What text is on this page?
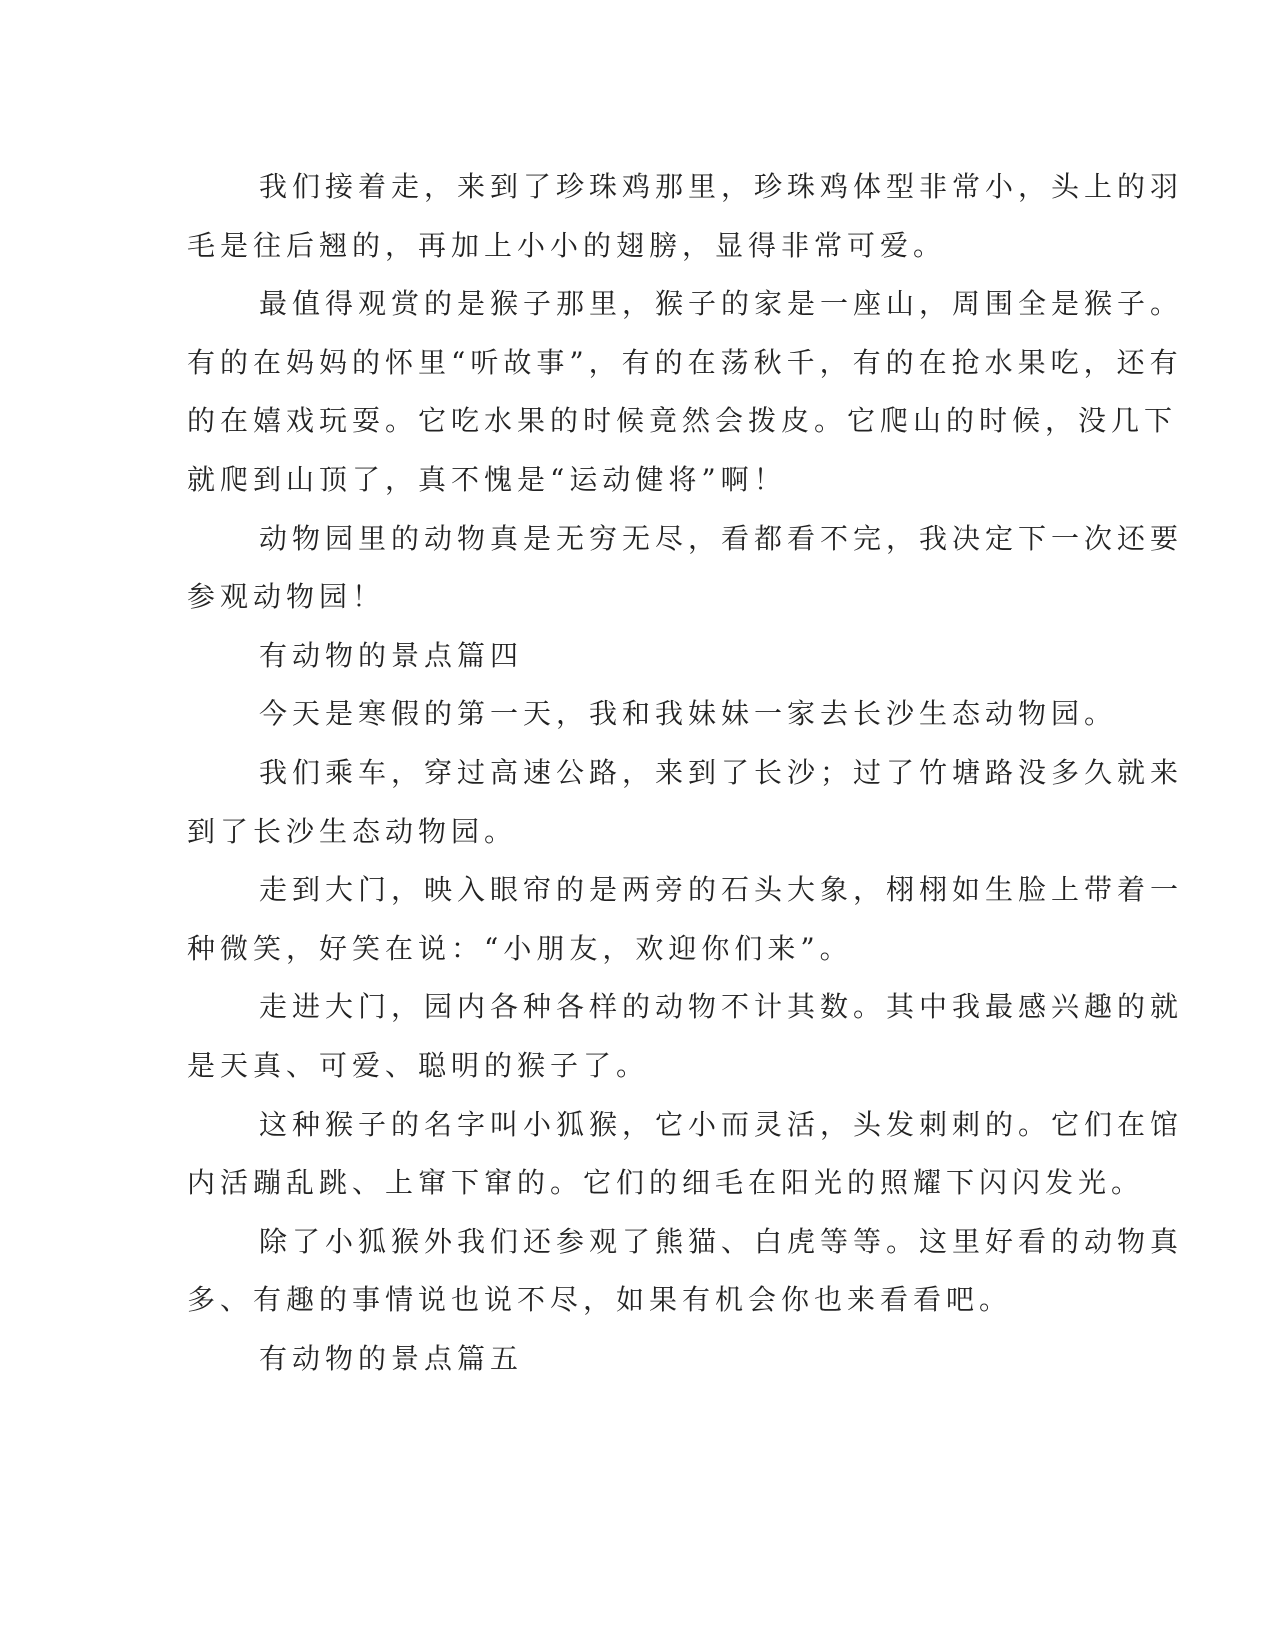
我们接着走，来到了珍珠鸡那里，珍珠鸡体型非常小，头上的羽
毛是往后翘的，再加上小小的翅膀，显得非常可爱。
最值得观赏的是猴子那里，猴子的家是一座山，周围全是猴子。
有的在妈妈的怀里“听故事”，有的在荡秋千，有的在抢水果吃，还有
的在嬉戏玩耍。它吃水果的时候竟然会拨皮。它爬山的时候，没几下
就爬到山顶了，真不愧是“运动健将”啊！
动物园里的动物真是无穷无尽，看都看不完，我决定下一次还要
参观动物园！
有动物的景点篇四
今天是寒假的第一天，我和我妹妹一家去长沙生态动物园。
我们乘车，穿过高速公路，来到了长沙；过了竹塘路没多久就来
到了长沙生态动物园。
走到大门，映入眼帘的是两旁的石头大象，栩栩如生脸上带着一
种微笑，好笑在说：“小朋友，欢迎你们来”。
走进大门，园内各种各样的动物不计其数。其中我最感兴趣的就
是天真、可爱、聪明的猴子了。
这种猴子的名字叫小狐猴，它小而灵活，头发刺刺的。它们在馆
内活蹦乱跳、上窜下窜的。它们的细毛在阳光的照耀下闪闪发光。
除了小狐猴外我们还参观了熊猫、白虎等等。这里好看的动物真
多、有趣的事情说也说不尽，如果有机会你也来看看吧。
有动物的景点篇五
